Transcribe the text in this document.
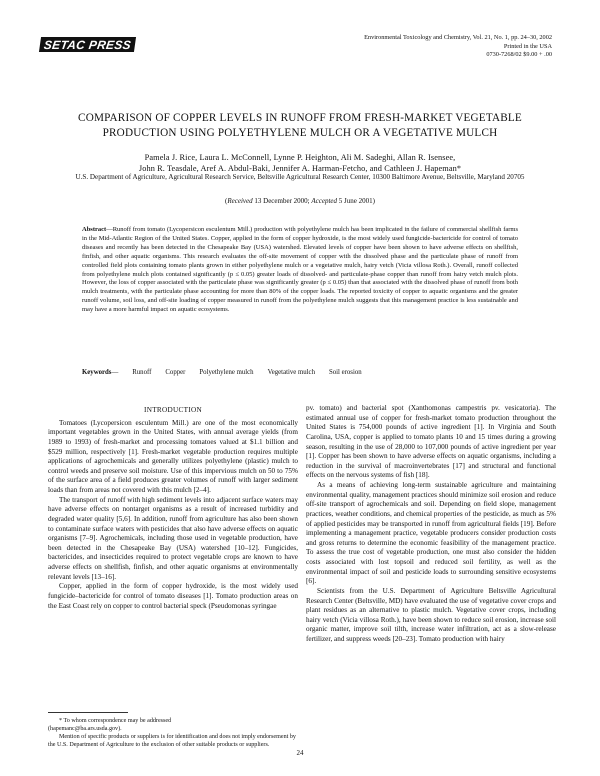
SETAC PRESS
Environmental Toxicology and Chemistry, Vol. 21, No. 1, pp. 24–30, 2002
Printed in the USA
0730-7268/02 $9.00 + .00
COMPARISON OF COPPER LEVELS IN RUNOFF FROM FRESH-MARKET VEGETABLE
PRODUCTION USING POLYETHYLENE MULCH OR A VEGETATIVE MULCH
Pamela J. Rice, Laura L. McConnell, Lynne P. Heighton, Ali M. Sadeghi, Allan R. Isensee,
John R. Teasdale, Aref A. Abdul-Baki, Jennifer A. Harman-Fetcho, and Cathleen J. Hapeman*
U.S. Department of Agriculture, Agricultural Research Service, Beltsville Agricultural Research Center, 10300 Baltimore Avenue, Beltsville, Maryland 20705
(Received 13 December 2000; Accepted 5 June 2001)
Abstract—Runoff from tomato (Lycopersicon esculentum Mill.) production with polyethylene mulch has been implicated in the failure of commercial shellfish farms in the Mid-Atlantic Region of the United States. Copper, applied in the form of copper hydroxide, is the most widely used fungicide-bactericide for control of tomato diseases and recently has been detected in the Chesapeake Bay (USA) watershed. Elevated levels of copper have been shown to have adverse effects on shellfish, finfish, and other aquatic organisms. This research evaluates the off-site movement of copper with the dissolved phase and the particulate phase of runoff from controlled field plots containing tomato plants grown in either polyethylene mulch or a vegetative mulch, hairy vetch (Vicia villosa Roth.). Overall, runoff collected from polyethylene mulch plots contained significantly (p ≤ 0.05) greater loads of dissolved- and particulate-phase copper than runoff from hairy vetch mulch plots. However, the loss of copper associated with the particulate phase was significantly greater (p ≤ 0.05) than that associated with the dissolved phase of runoff from both mulch treatments, with the particulate phase accounting for more than 80% of the copper loads. The reported toxicity of copper to aquatic organisms and the greater runoff volume, soil loss, and off-site loading of copper measured in runoff from the polyethylene mulch suggests that this management practice is less sustainable and may have a more harmful impact on aquatic ecosystems.
Keywords— Runoff Copper Polyethylene mulch Vegetative mulch Soil erosion
INTRODUCTION

Tomatoes (Lycopersicon esculentum Mill.) are one of the most economically important vegetables grown in the United States, with annual average yields (from 1989 to 1993) of fresh-market and processing tomatoes valued at $1.1 billion and $529 million, respectively [1]. Fresh-market vegetable production requires multiple applications of agrochemicals and generally utilizes polyethylene (plastic) mulch to control weeds and preserve soil moisture. Use of this impervious mulch on 50 to 75% of the surface area of a field produces greater volumes of runoff with larger sediment loads than from areas not covered with this mulch [2–4].

The transport of runoff with high sediment levels into adjacent surface waters may have adverse effects on nontarget organisms as a result of increased turbidity and degraded water quality [5,6]. In addition, runoff from agriculture has also been shown to contaminate surface waters with pesticides that also have adverse effects on aquatic organisms [7–9]. Agrochemicals, including those used in vegetable production, have been detected in the Chesapeake Bay (USA) watershed [10–12]. Fungicides, bactericides, and insecticides required to protect vegetable crops are known to have adverse effects on shellfish, finfish, and other aquatic organisms at environmentally relevant levels [13–16].

Copper, applied in the form of copper hydroxide, is the most widely used fungicide–bactericide for control of tomato diseases [1]. Tomato production areas on the East Coast rely on copper to control bacterial speck (Pseudomonas syringae

pv. tomato) and bacterial spot (Xanthomonas campestris pv. vesicatoria). The estimated annual use of copper for fresh-market tomato production throughout the United States is 754,000 pounds of active ingredient [1]. In Virginia and South Carolina, USA, copper is applied to tomato plants 10 and 15 times during a growing season, resulting in the use of 28,000 to 107,000 pounds of active ingredient per year [1]. Copper has been shown to have adverse effects on aquatic organisms, including a reduction in the survival of macroinvertebrates [17] and structural and functional effects on the nervous systems of fish [18].

As a means of achieving long-term sustainable agriculture and maintaining environmental quality, management practices should minimize soil erosion and reduce off-site transport of agrochemicals and soil. Depending on field slope, management practices, weather conditions, and chemical properties of the pesticide, as much as 5% of applied pesticides may be transported in runoff from agricultural fields [19]. Before implementing a management practice, vegetable producers consider production costs and gross returns to determine the economic feasibility of the management practice. To assess the true cost of vegetable production, one must also consider the hidden costs associated with lost topsoil and reduced soil fertility, as well as the environmental impact of soil and pesticide loads to surrounding sensitive ecosystems [6].

Scientists from the U.S. Department of Agriculture Beltsville Agricultural Research Center (Beltsville, MD) have evaluated the use of vegetative cover crops and plant residues as an alternative to plastic mulch. Vegetative cover crops, including hairy vetch (Vicia villosa Roth.), have been shown to reduce soil erosion, increase soil organic matter, improve soil tilth, increase water infiltration, act as a slow-release fertilizer, and suppress weeds [20–23]. Tomato production with hairy

* To whom correspondence may be addressed

(hapemanc@ba.ars.usda.gov).

Mention of specific products or suppliers is for identification and does not imply endorsement by the U.S. Department of Agriculture to the exclusion of other suitable products or suppliers.

24
